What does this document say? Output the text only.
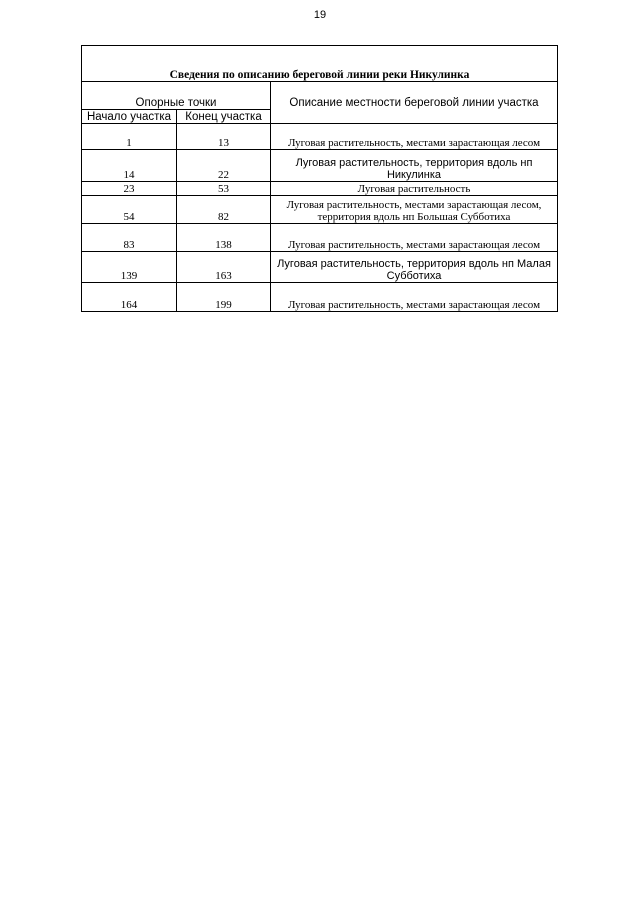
19
Сведения по описанию береговой линии реки Никулинка		
Опорные точки		Описание местности береговой линии участка
Начало участка	Конец участка	
1	13	Луговая растительность, местами зарастающая лесом
14	22	Луговая растительность, территория вдоль нп Никулинка
23	53	Луговая растительность
54	82	Луговая растительность, местами зарастающая лесом, территория вдоль нп Большая Субботиха
83	138	Луговая растительность, местами зарастающая лесом
139	163	Луговая растительность, территория вдоль нп Малая Субботиха
164	199	Луговая растительность, местами зарастающая лесом
